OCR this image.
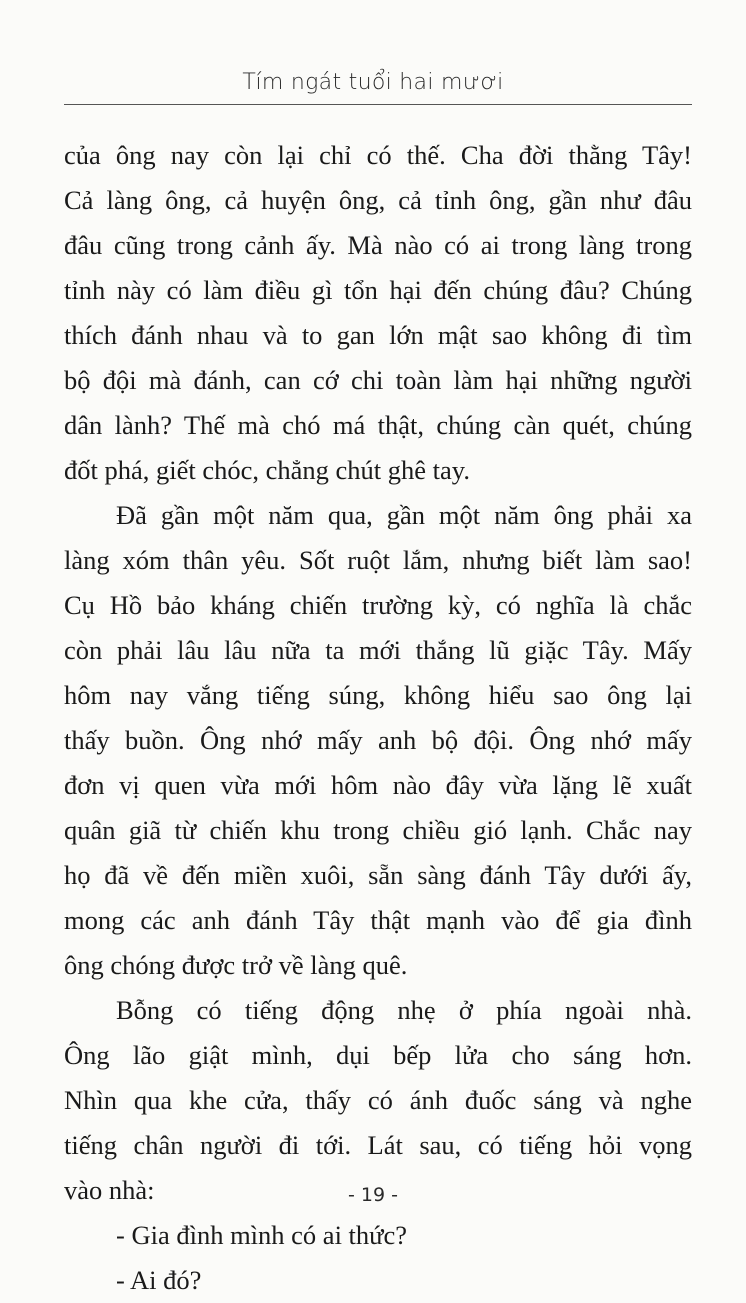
Tím ngát tuổi hai mươi

của ông nay còn lại chỉ có thế. Cha đời thằng Tây!
Cả làng ông, cả huyện ông, cả tỉnh ông, gần như đâu
đâu cũng trong cảnh ấy. Mà nào có ai trong làng trong
tỉnh này có làm điều gì tổn hại đến chúng đâu? Chúng
thích đánh nhau và to gan lớn mật sao không đi tìm
bộ đội mà đánh, can cớ chi toàn làm hại những người
dân lành? Thế mà chó má thật, chúng càn quét, chúng
đốt phá, giết chóc, chẳng chút ghê tay.

Đã gần một năm qua, gần một năm ông phải xa
làng xóm thân yêu. Sốt ruột lắm, nhưng biết làm sao!
Cụ Hồ bảo kháng chiến trường kỳ, có nghĩa là chắc
còn phải lâu lâu nữa ta mới thắng lũ giặc Tây. Mấy
hôm nay vắng tiếng súng, không hiểu sao ông lại
thấy buồn. Ông nhớ mấy anh bộ đội. Ông nhớ mấy
đơn vị quen vừa mới hôm nào đây vừa lặng lẽ xuất
quân giã từ chiến khu trong chiều gió lạnh. Chắc nay
họ đã về đến miền xuôi, sẵn sàng đánh Tây dưới ấy,
mong các anh đánh Tây thật mạnh vào để gia đình
ông chóng được trở về làng quê.

Bỗng có tiếng động nhẹ ở phía ngoài nhà.
Ông lão giật mình, dụi bếp lửa cho sáng hơn.
Nhìn qua khe cửa, thấy có ánh đuốc sáng và nghe
tiếng chân người đi tới. Lát sau, có tiếng hỏi vọng
vào nhà:

- Gia đình mình có ai thức?
- Ai đó?

- 19 -
